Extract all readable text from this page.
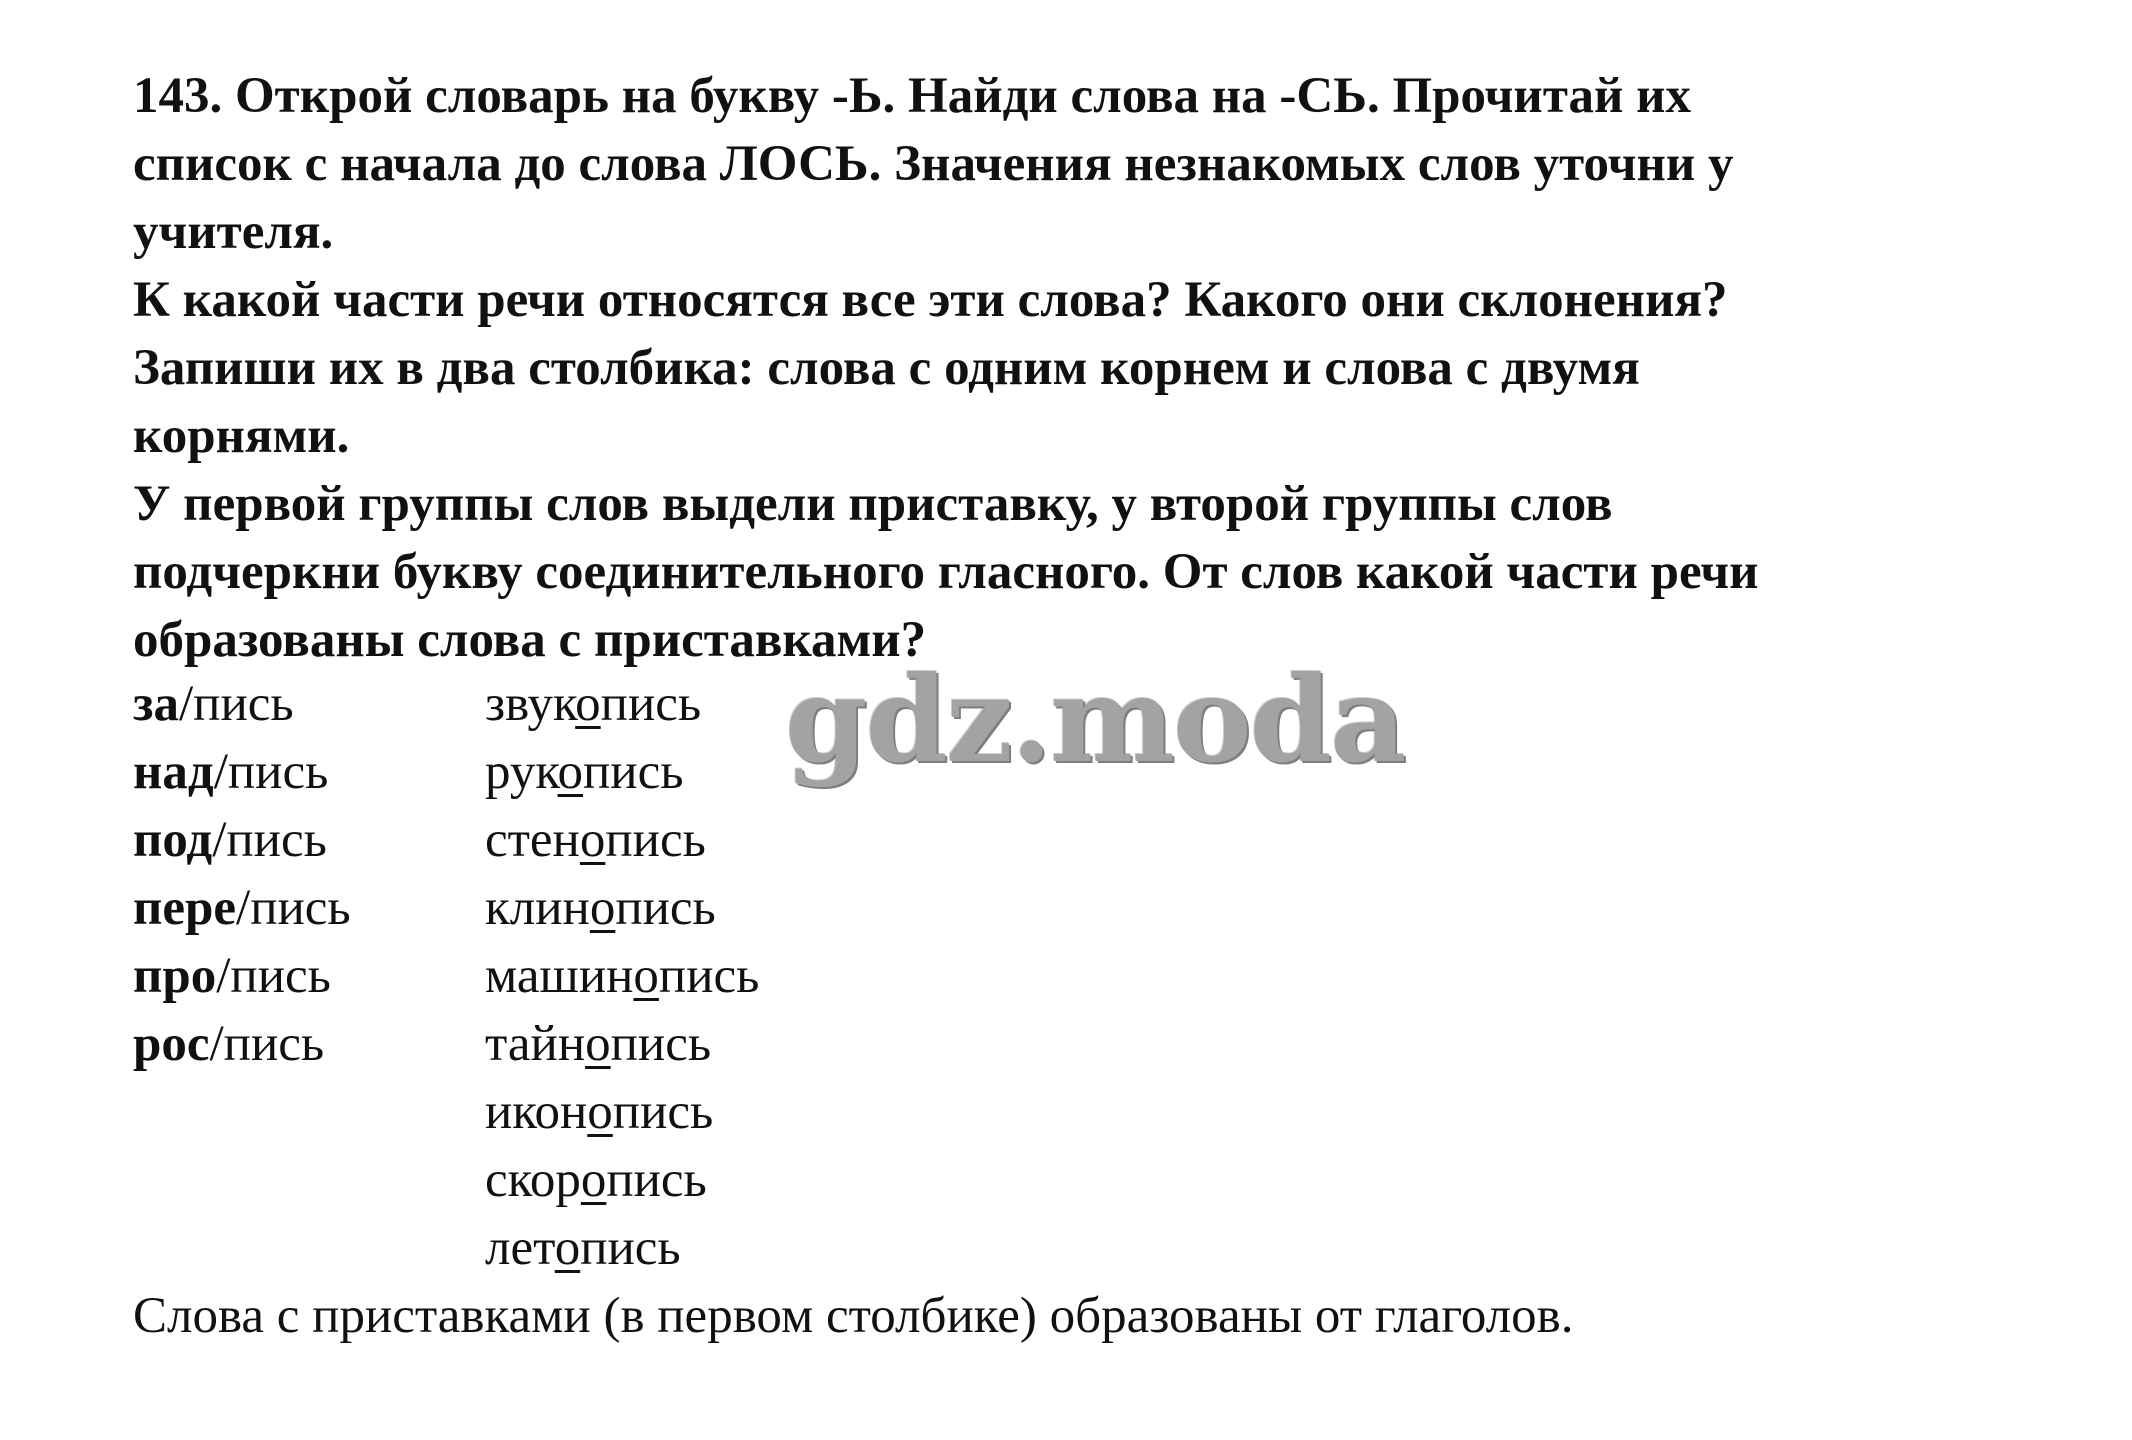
143. Открой словарь на букву -Ь. Найди слова на -СЬ. Прочитай их

список с начала до слова ЛОСЬ. Значения незнакомых слов уточни у

учителя.

К какой части речи относятся все эти слова? Какого они склонения?

Запиши их в два столбика: слова с одним корнем и слова с двумя

корнями.

У первой группы слов выдели приставку, у второй группы слов

подчеркни букву соединительного гласного. От слов какой части речи

образованы слова с приставками?

за/пись
над/пись
под/пись
пере/пись
про/пись
рос/пись
звукопись
рукопись
стенопись
клинопись
машинопись
тайнопись
иконопись
скоропись
летопись
gdz.moda

Слова с приставками (в первом столбике) образованы от глаголов.
